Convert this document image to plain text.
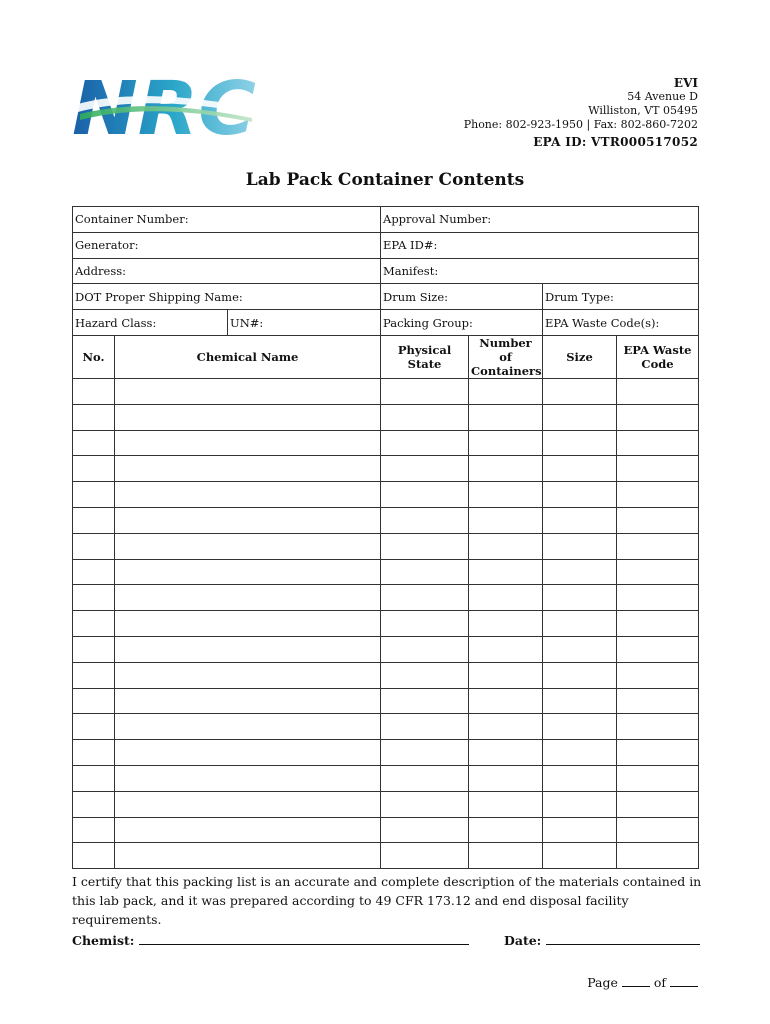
NRC	EVI
54 Avenue D
Williston, VT 05495
Phone: 802-923-1950 | Fax: 802-860-7202
EPA ID: VTR000517052
Lab Pack Container Contents
Container Number:			Approval Number:			
Generator:			EPA ID#:			
Address:			Manifest:			
DOT Proper Shipping Name:			Drum Size:		Drum Type:	
Hazard Class:		UN#:	Packing Group:		EPA Waste Code(s):	
No.	Chemical Name		Physical State	Number of Containers	Size	EPA Waste Code

I certify that this packing list is an accurate and complete description of the materials contained in this lab pack, and it was prepared according to 49 CFR 173.12 and end disposal facility requirements.
Chemist:	Date:
Page	of
